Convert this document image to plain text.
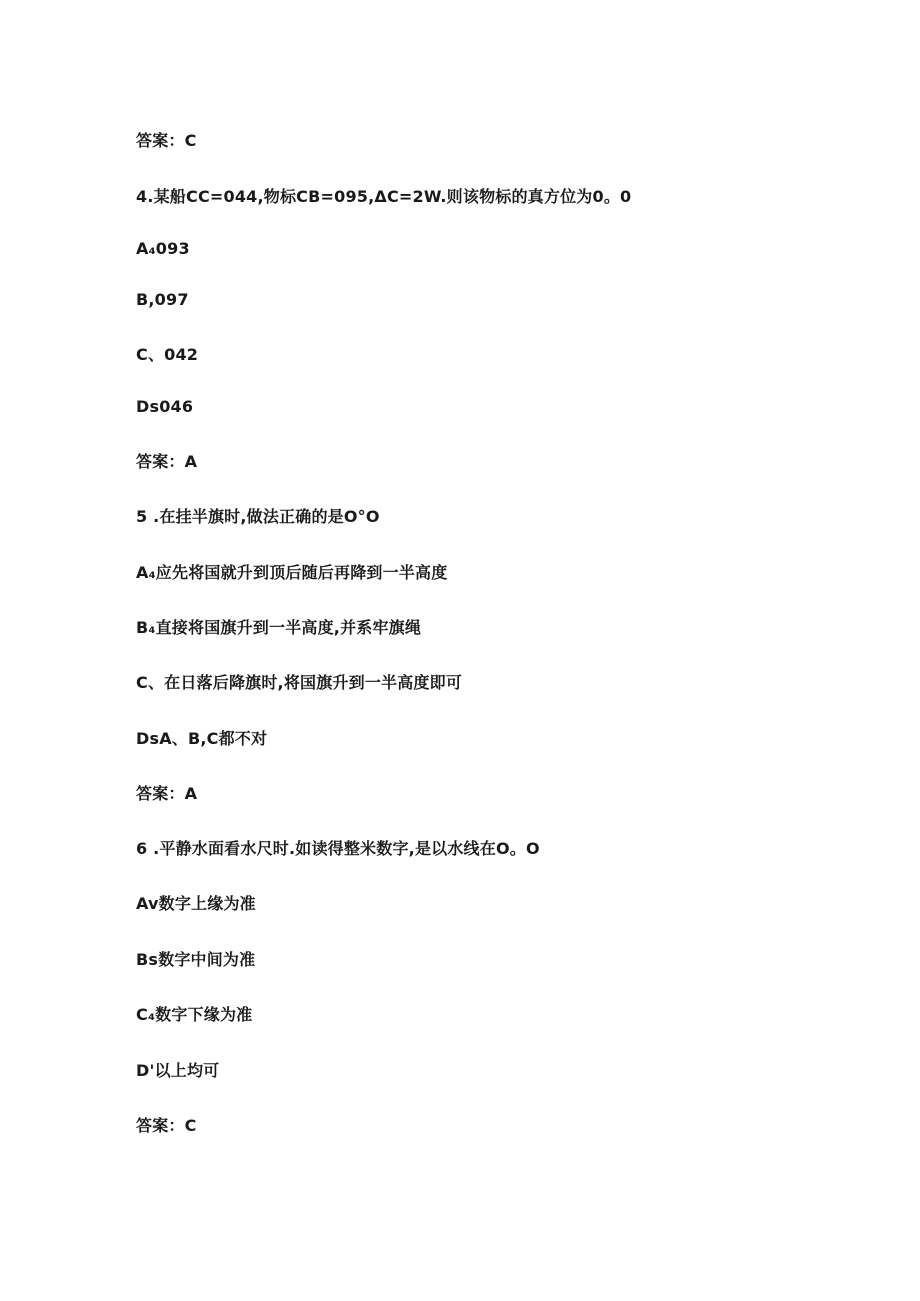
答案：C
4.某船CC=044,物标CB=095,ΔC=2W.则该物标的真方位为0。0
A₄093
B,097
C、042
Ds046
答案：A
5 .在挂半旗时,做法正确的是O°O
A₄应先将国就升到顶后随后再降到一半高度
B₄直接将国旗升到一半高度,并系牢旗绳
C、在日落后降旗时,将国旗升到一半高度即可
DsA、B,C都不对
答案：A
6 .平静水面看水尺时.如读得整米数字,是以水线在O。O
Av数字上缘为准
Bs数字中间为准
C₄数字下缘为准
D'以上均可
答案：C
